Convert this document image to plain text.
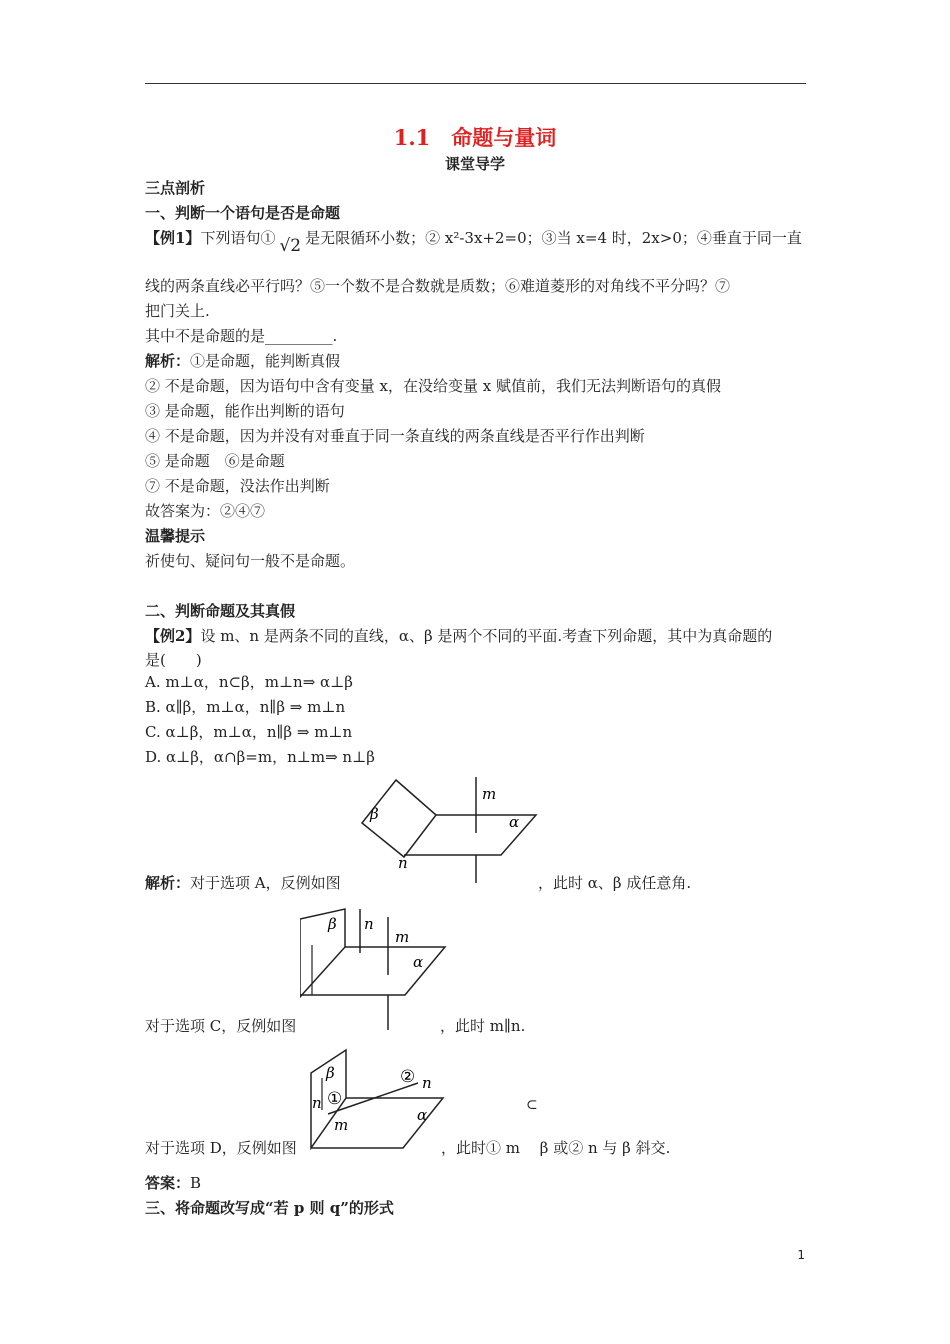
1.1　命题与量词
课堂导学
三点剖析
一、判断一个语句是否是命题
【例1】下列语句① √2 是无限循环小数；② x²-3x+2=0；③当 x=4 时，2x>0；④垂直于同一直
线的两条直线必平行吗？⑤一个数不是合数就是质数；⑥难道菱形的对角线不平分吗？⑦
把门关上.
其中不是命题的是_________.
解析：①是命题，能判断真假
② 不是命题，因为语句中含有变量 x，在没给变量 x 赋值前，我们无法判断语句的真假
③ 是命题，能作出判断的语句
④ 不是命题，因为并没有对垂直于同一条直线的两条直线是否平行作出判断
⑤ 是命题　⑥是命题
⑦ 不是命题，没法作出判断
故答案为：②④⑦
温馨提示
祈使句、疑问句一般不是命题。
二、判断命题及其真假
【例2】设 m、n 是两条不同的直线，α、β 是两个不同的平面.考查下列命题，其中为真命题的
是(　　)
A. m⊥α，n⊂β，m⊥n⇒ α⊥β
B. α∥β，m⊥α，n∥β ⇒ m⊥n
C. α⊥β，m⊥α，n∥β ⇒ m⊥n
D. α⊥β，α∩β=m，n⊥m⇒ n⊥β
β
m
α
n
解析：对于选项 A，反例如图	，此时 α、β 成任意角.
β n
m
α
对于选项 C，反例如图	，此时 m∥n.
β	② n
n ①
α
m
⊂
对于选项 D，反例如图	，此时① m　 β 或② n 与 β 斜交.
答案：B
三、将命题改写成“若 p 则 q”的形式
1
